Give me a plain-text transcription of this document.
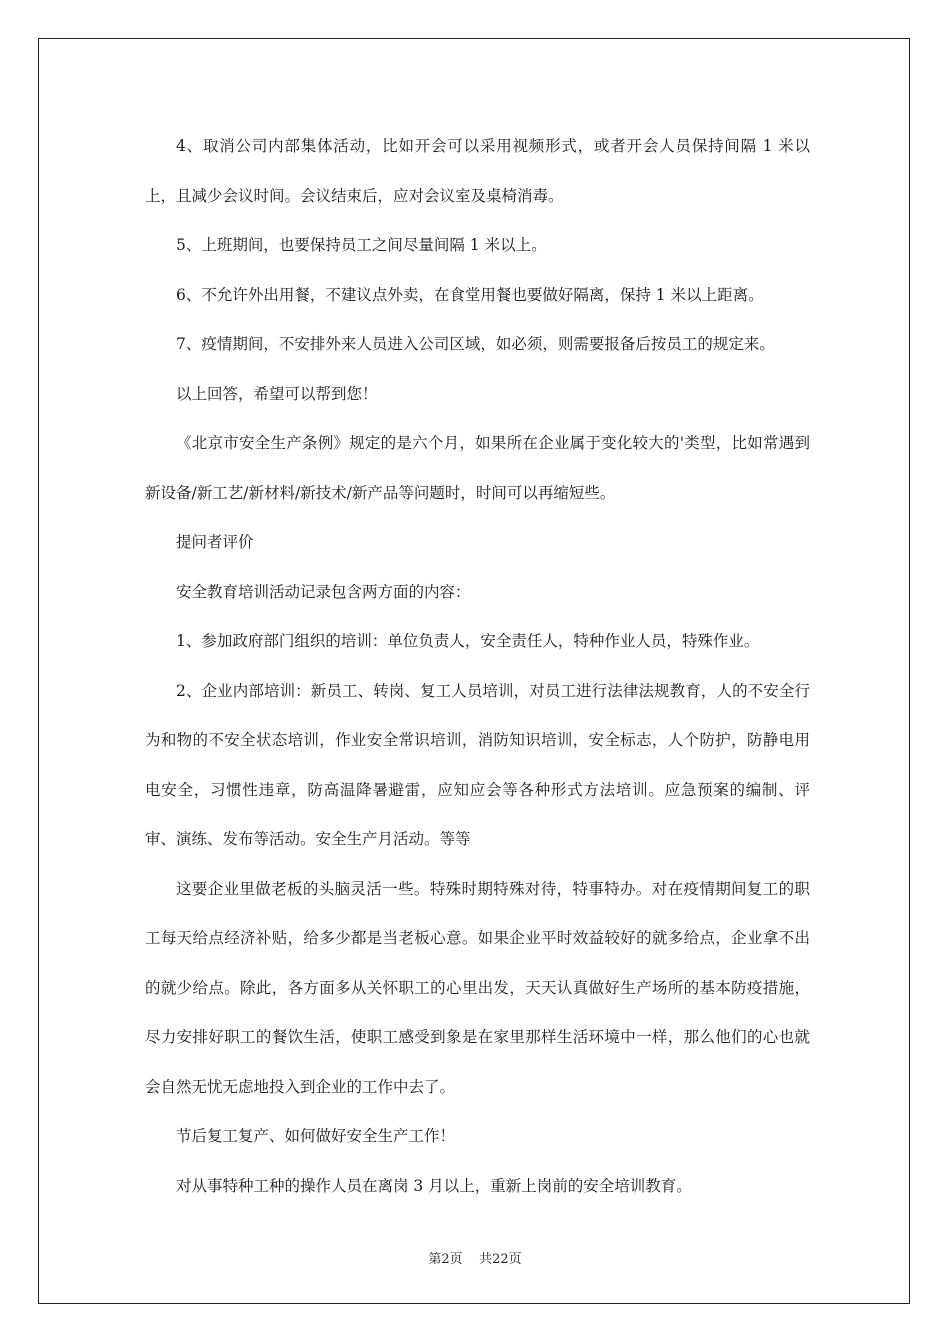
4、取消公司内部集体活动，比如开会可以采用视频形式，或者开会人员保持间隔 1 米以上，且减少会议时间。会议结束后，应对会议室及桌椅消毒。

5、上班期间，也要保持员工之间尽量间隔 1 米以上。

6、不允许外出用餐，不建议点外卖，在食堂用餐也要做好隔离，保持 1 米以上距离。

7、疫情期间，不安排外来人员进入公司区域，如必须，则需要报备后按员工的规定来。

以上回答，希望可以帮到您！

《北京市安全生产条例》规定的是六个月，如果所在企业属于变化较大的'类型，比如常遇到新设备/新工艺/新材料/新技术/新产品等问题时，时间可以再缩短些。

提问者评价

安全教育培训活动记录包含两方面的内容：

1、参加政府部门组织的培训：单位负责人，安全责任人，特种作业人员，特殊作业。

2、企业内部培训：新员工、转岗、复工人员培训，对员工进行法律法规教育，人的不安全行为和物的不安全状态培训，作业安全常识培训，消防知识培训，安全标志，人个防护，防静电用电安全，习惯性违章，防高温降暑避雷，应知应会等各种形式方法培训。应急预案的编制、评审、演练、发布等活动。安全生产月活动。等等

这要企业里做老板的头脑灵活一些。特殊时期特殊对待，特事特办。对在疫情期间复工的职工每天给点经济补贴，给多少都是当老板心意。如果企业平时效益较好的就多给点，企业拿不出的就少给点。除此，各方面多从关怀职工的心里出发，天天认真做好生产场所的基本防疫措施，尽力安排好职工的餐饮生活，使职工感受到象是在家里那样生活环境中一样，那么他们的心也就会自然无忧无虑地投入到企业的工作中去了。

节后复工复产、如何做好安全生产工作！

对从事特种工种的操作人员在离岗 3 月以上，重新上岗前的安全培训教育。

第2页    共22页
